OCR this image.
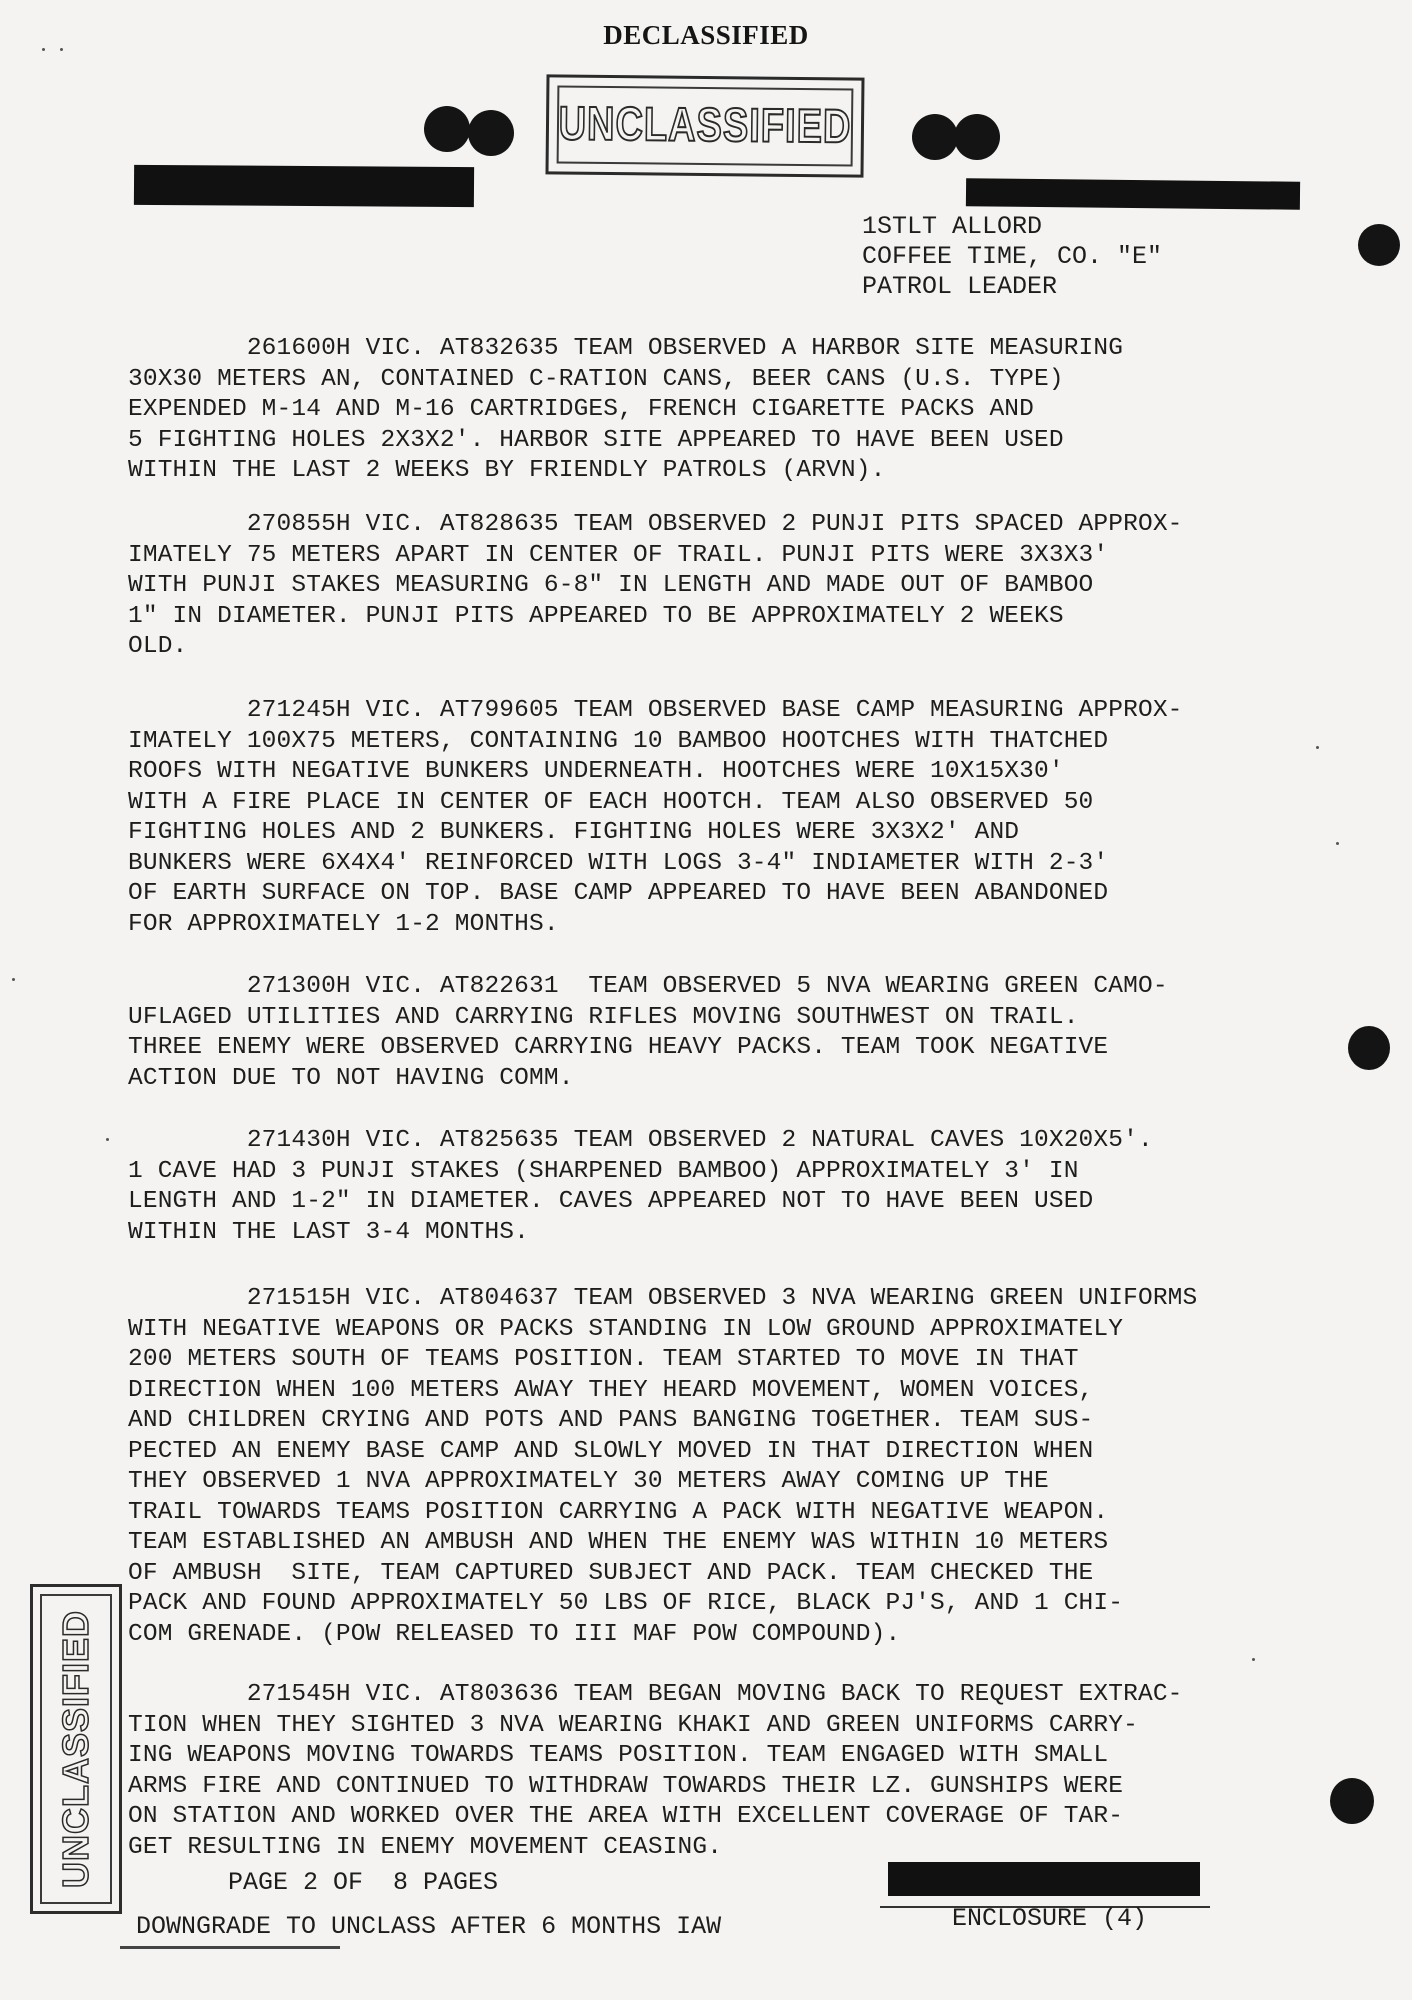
DECLASSIFIED
UNCLASSIFIED
1STLT ALLORD
COFFEE TIME, CO. "E"
PATROL LEADER
261600H VIC. AT832635 TEAM OBSERVED A HARBOR SITE MEASURING
30X30 METERS AN, CONTAINED C-RATION CANS, BEER CANS (U.S. TYPE)
EXPENDED M-14 AND M-16 CARTRIDGES, FRENCH CIGARETTE PACKS AND
5 FIGHTING HOLES 2X3X2'. HARBOR SITE APPEARED TO HAVE BEEN USED
WITHIN THE LAST 2 WEEKS BY FRIENDLY PATROLS (ARVN).
270855H VIC. AT828635 TEAM OBSERVED 2 PUNJI PITS SPACED APPROX-
IMATELY 75 METERS APART IN CENTER OF TRAIL. PUNJI PITS WERE 3X3X3'
WITH PUNJI STAKES MEASURING 6-8" IN LENGTH AND MADE OUT OF BAMBOO
1" IN DIAMETER. PUNJI PITS APPEARED TO BE APPROXIMATELY 2 WEEKS
OLD.
271245H VIC. AT799605 TEAM OBSERVED BASE CAMP MEASURING APPROX-
IMATELY 100X75 METERS, CONTAINING 10 BAMBOO HOOTCHES WITH THATCHED
ROOFS WITH NEGATIVE BUNKERS UNDERNEATH. HOOTCHES WERE 10X15X30'
WITH A FIRE PLACE IN CENTER OF EACH HOOTCH. TEAM ALSO OBSERVED 50
FIGHTING HOLES AND 2 BUNKERS. FIGHTING HOLES WERE 3X3X2' AND
BUNKERS WERE 6X4X4' REINFORCED WITH LOGS 3-4" INDIAMETER WITH 2-3'
OF EARTH SURFACE ON TOP. BASE CAMP APPEARED TO HAVE BEEN ABANDONED
FOR APPROXIMATELY 1-2 MONTHS.
271300H VIC. AT822631  TEAM OBSERVED 5 NVA WEARING GREEN CAMO-
UFLAGED UTILITIES AND CARRYING RIFLES MOVING SOUTHWEST ON TRAIL.
THREE ENEMY WERE OBSERVED CARRYING HEAVY PACKS. TEAM TOOK NEGATIVE
ACTION DUE TO NOT HAVING COMM.
271430H VIC. AT825635 TEAM OBSERVED 2 NATURAL CAVES 10X20X5'.
1 CAVE HAD 3 PUNJI STAKES (SHARPENED BAMBOO) APPROXIMATELY 3' IN
LENGTH AND 1-2" IN DIAMETER. CAVES APPEARED NOT TO HAVE BEEN USED
WITHIN THE LAST 3-4 MONTHS.
271515H VIC. AT804637 TEAM OBSERVED 3 NVA WEARING GREEN UNIFORMS
WITH NEGATIVE WEAPONS OR PACKS STANDING IN LOW GROUND APPROXIMATELY
200 METERS SOUTH OF TEAMS POSITION. TEAM STARTED TO MOVE IN THAT
DIRECTION WHEN 100 METERS AWAY THEY HEARD MOVEMENT, WOMEN VOICES,
AND CHILDREN CRYING AND POTS AND PANS BANGING TOGETHER. TEAM SUS-
PECTED AN ENEMY BASE CAMP AND SLOWLY MOVED IN THAT DIRECTION WHEN
THEY OBSERVED 1 NVA APPROXIMATELY 30 METERS AWAY COMING UP THE
TRAIL TOWARDS TEAMS POSITION CARRYING A PACK WITH NEGATIVE WEAPON.
TEAM ESTABLISHED AN AMBUSH AND WHEN THE ENEMY WAS WITHIN 10 METERS
OF AMBUSH  SITE, TEAM CAPTURED SUBJECT AND PACK. TEAM CHECKED THE
PACK AND FOUND APPROXIMATELY 50 LBS OF RICE, BLACK PJ'S, AND 1 CHI-
COM GRENADE. (POW RELEASED TO III MAF POW COMPOUND).
271545H VIC. AT803636 TEAM BEGAN MOVING BACK TO REQUEST EXTRAC-
TION WHEN THEY SIGHTED 3 NVA WEARING KHAKI AND GREEN UNIFORMS CARRY-
ING WEAPONS MOVING TOWARDS TEAMS POSITION. TEAM ENGAGED WITH SMALL
ARMS FIRE AND CONTINUED TO WITHDRAW TOWARDS THEIR LZ. GUNSHIPS WERE
ON STATION AND WORKED OVER THE AREA WITH EXCELLENT COVERAGE OF TAR-
GET RESULTING IN ENEMY MOVEMENT CEASING.
UNCLASSIFIED	PAGE 2 OF  8 PAGES
ENCLOSURE (4)
DOWNGRADE TO UNCLASS AFTER 6 MONTHS IAW
